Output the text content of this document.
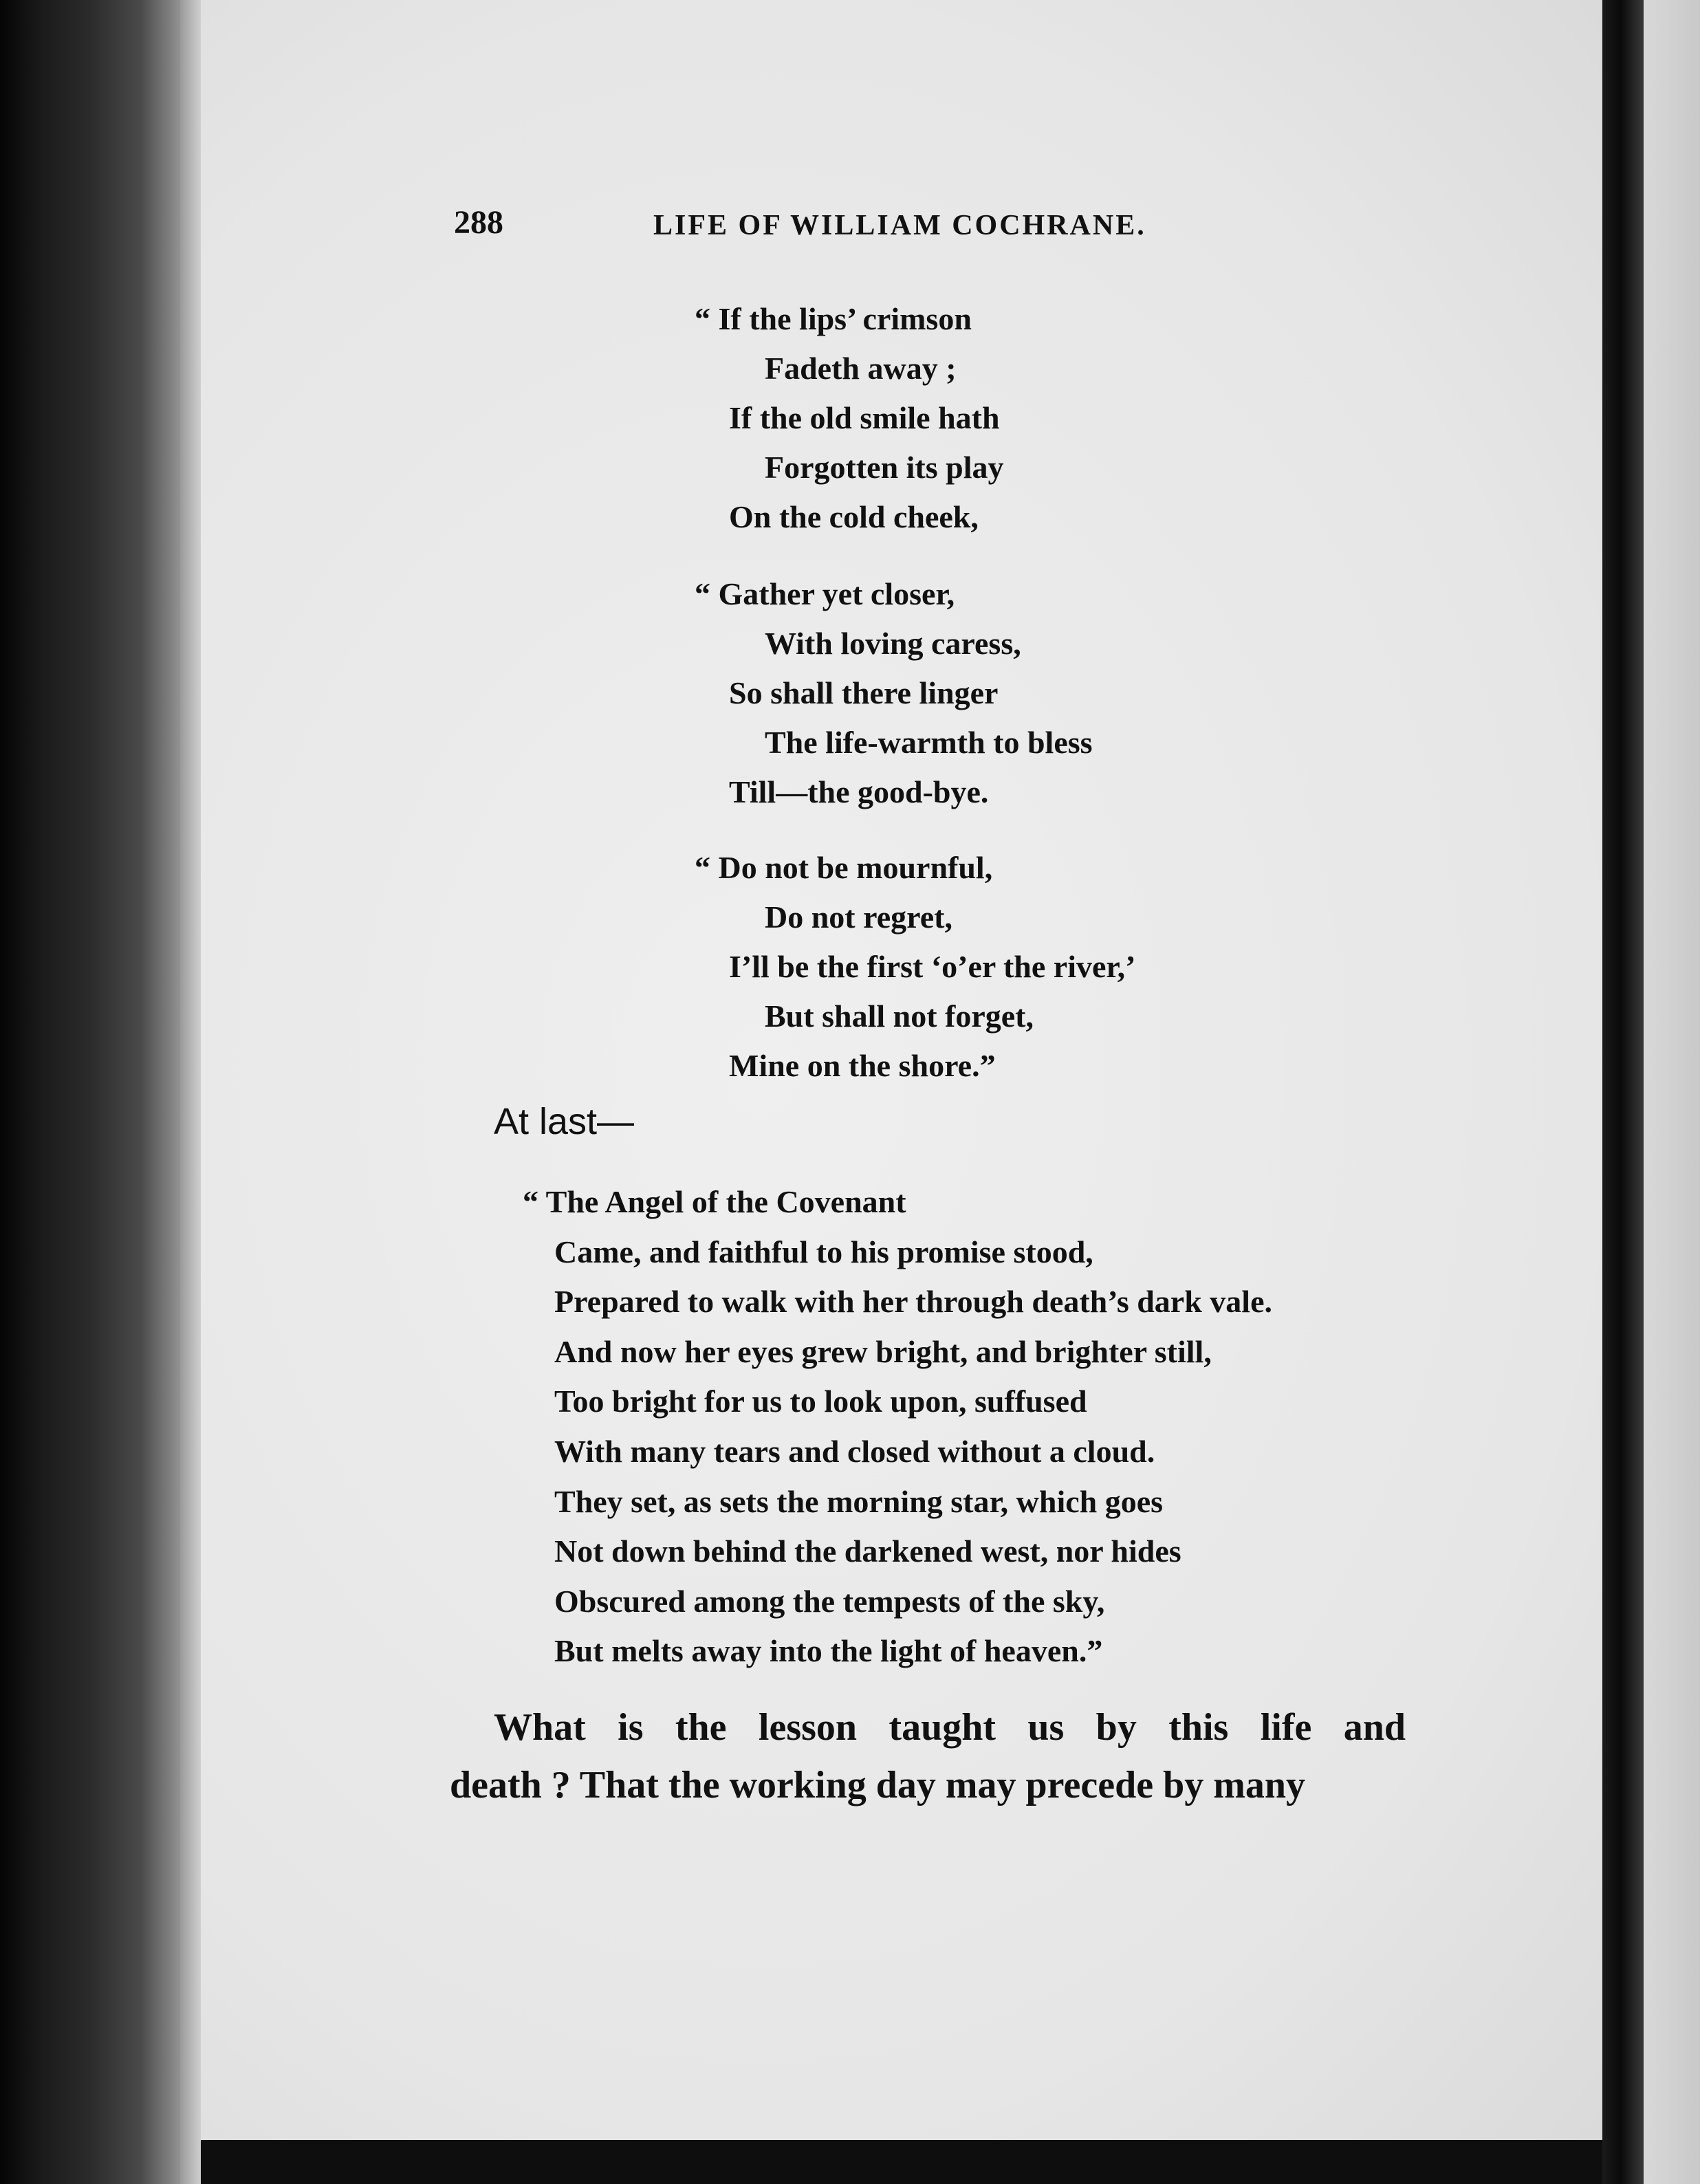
288	LIFE OF WILLIAM COCHRANE.
“ If the lips’ crimson
Fadeth away ;
If the old smile hath
Forgotten its play
On the cold cheek,
“ Gather yet closer,
With loving caress,
So shall there linger
The life-warmth to bless
Till—the good-bye.
“ Do not be mournful,
Do not regret,
I’ll be the first ‘o’er the river,’
But shall not forget,
Mine on the shore.”
At last—
“ The Angel of the Covenant
Came, and faithful to his promise stood,
Prepared to walk with her through death’s dark vale.
And now her eyes grew bright, and brighter still,
Too bright for us to look upon, suffused
With many tears and closed without a cloud.
They set, as sets the morning star, which goes
Not down behind the darkened west, nor hides
Obscured among the tempests of the sky,
But melts away into the light of heaven.”
What is the lesson taught us by this life and
death ? That the working day may precede by many
